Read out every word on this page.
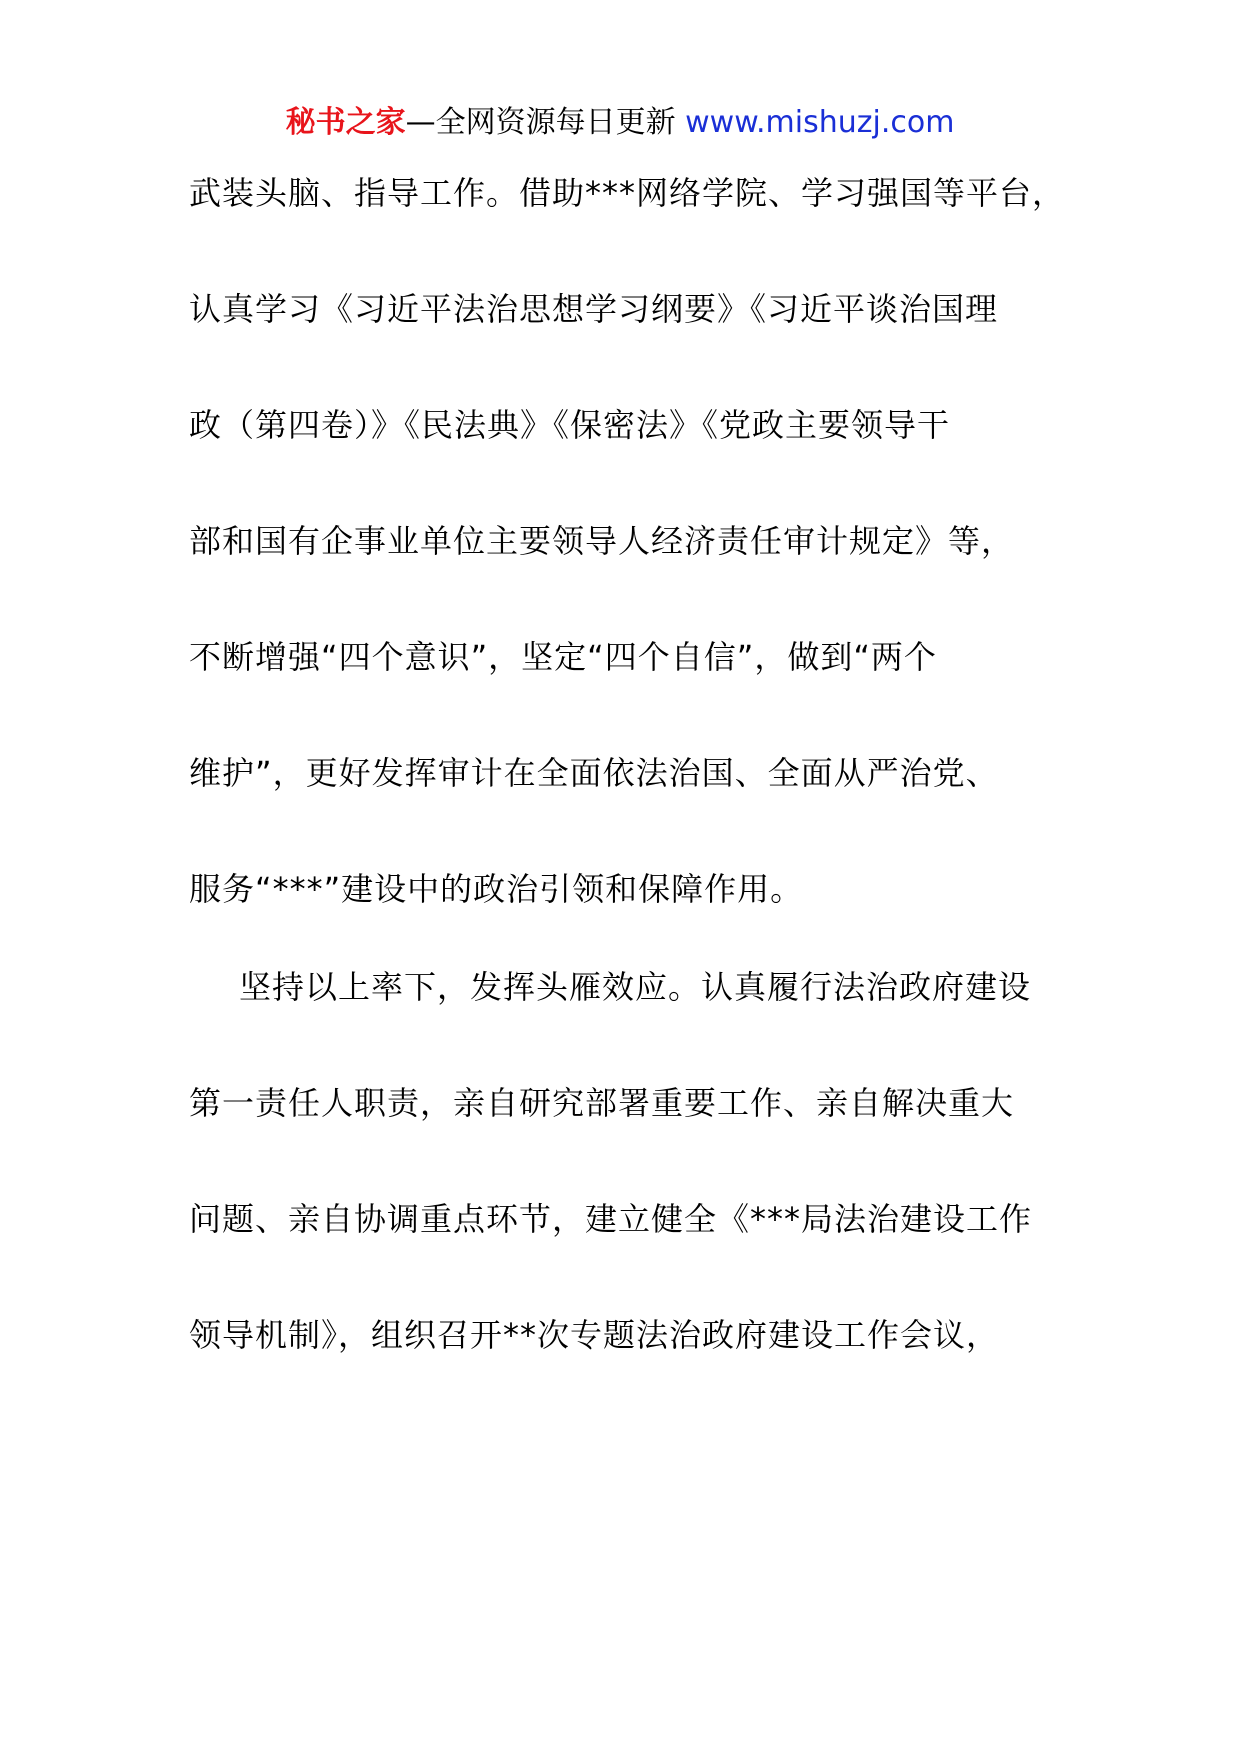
秘书之家—全网资源每日更新 www.mishuzj.com
武装头脑、指导工作。借助***网络学院、学习强国等平台，
认真学习《习近平法治思想学习纲要》《习近平谈治国理
政（第四卷）》《民法典》《保密法》《党政主要领导干
部和国有企事业单位主要领导人经济责任审计规定》等，
不断增强“四个意识”，坚定“四个自信”，做到“两个
维护”，更好发挥审计在全面依法治国、全面从严治党、
服务“***”建设中的政治引领和保障作用。
坚持以上率下，发挥头雁效应。认真履行法治政府建设
第一责任人职责，亲自研究部署重要工作、亲自解决重大
问题、亲自协调重点环节，建立健全《***局法治建设工作
领导机制》，组织召开**次专题法治政府建设工作会议，
